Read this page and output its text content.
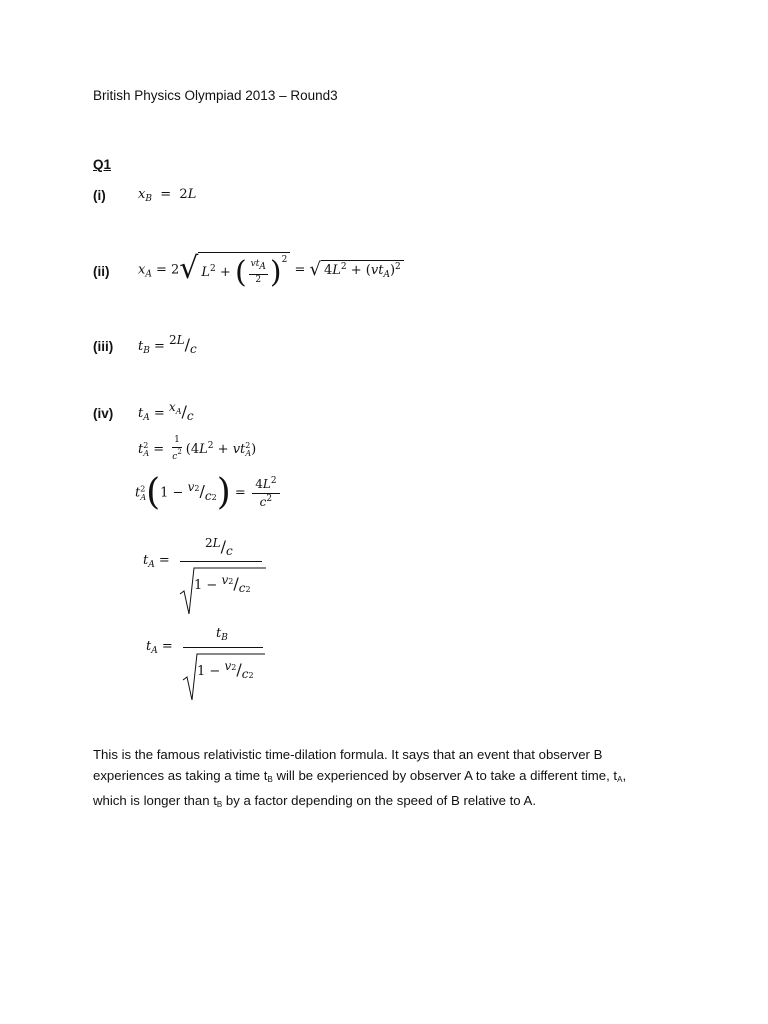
British Physics Olympiad 2013 – Round3
Q1
(i) $x_B = 2L$
(ii) $x_A = 2$ √ $L^2$ + ( $\frac{vt_A}{2} )^2$
= √ $4L^2 + (vt_A)^2$
(iii) $t_B = ^{2L}/_c$
(iv) $t_A = ^{x_A}/_c$
$t^2_A = \frac{1}{c^2} (4L^2 + vt^2_A)$
$t^2_A(1 - ^{v2}/_{c2}) = \frac{4L^2}{c^2}$
$t_A$ =
$^{2L}/_c$
$1 - ^{v2}/_{c2}$
$t_A$ =
$t_B$
$1 - ^{v2}/_{c2}$
This is the famous relativistic time-dilation formula. It says that an event that observer B
experiences as taking a time $t_B$ will be experienced by observer A to take a different time, $t_A$,
which is longer than $t_B$ by a factor depending on the speed of B relative to A.
